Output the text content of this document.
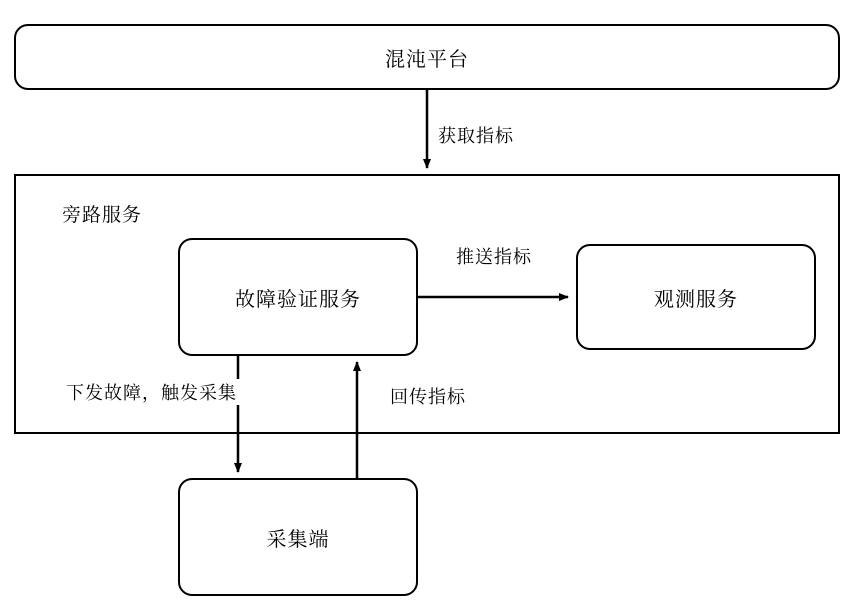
混沌平台
旁路服务
故障验证服务	观测服务
采集端
获取指标
推送指标
下发故障，触发采集	回传指标
